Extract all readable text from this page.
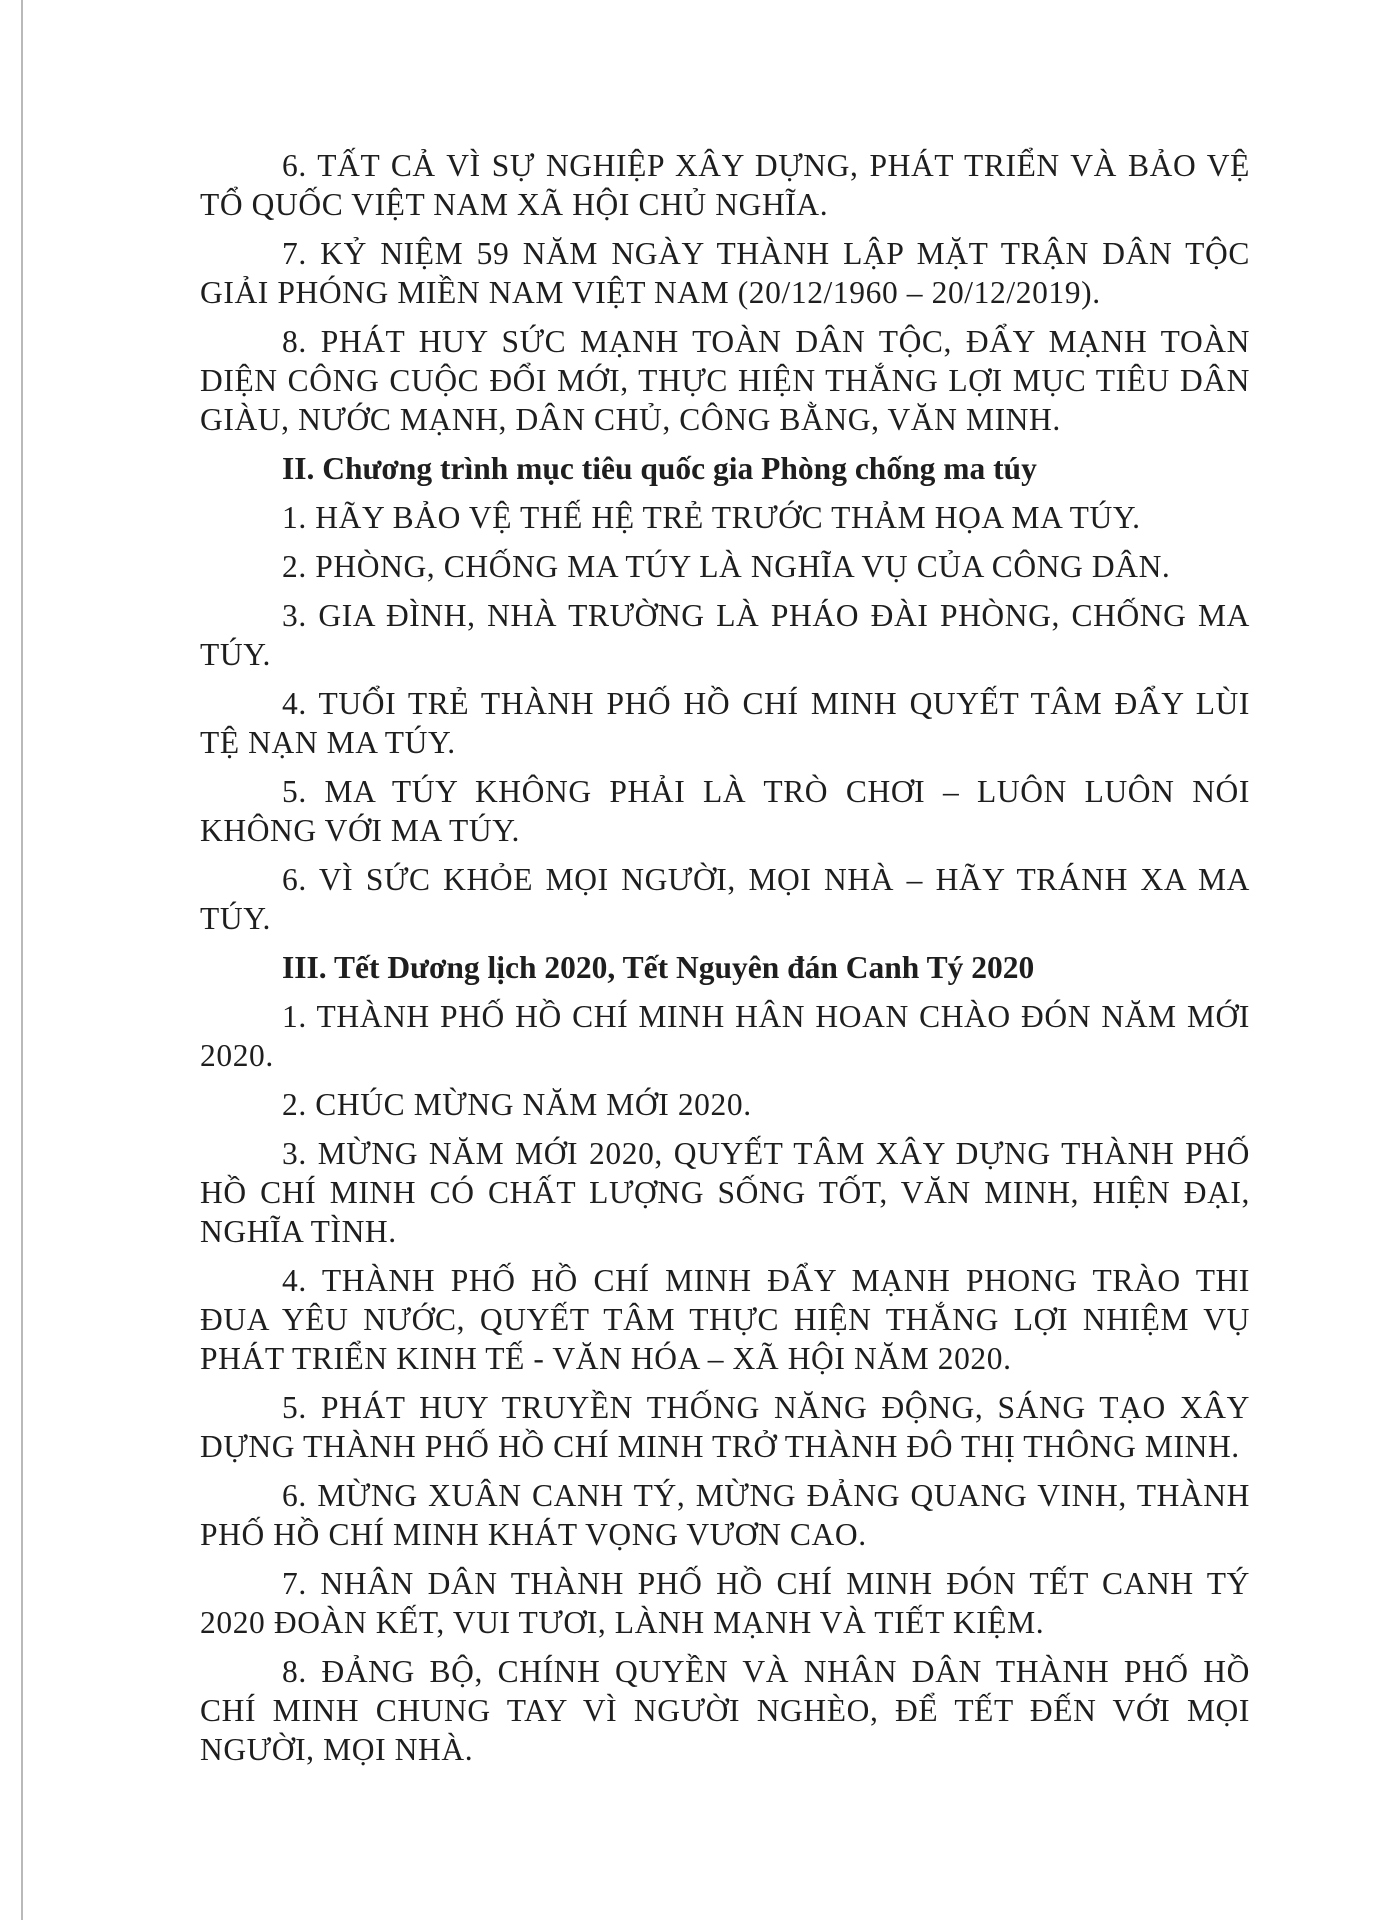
6. TẤT CẢ VÌ SỰ NGHIỆP XÂY DỰNG, PHÁT TRIỂN VÀ BẢO VỆ TỔ QUỐC VIỆT NAM XÃ HỘI CHỦ NGHĨA.

7. KỶ NIỆM 59 NĂM NGÀY THÀNH LẬP MẶT TRẬN DÂN TỘC GIẢI PHÓNG MIỀN NAM VIỆT NAM (20/12/1960 – 20/12/2019).

8. PHÁT HUY SỨC MẠNH TOÀN DÂN TỘC, ĐẨY MẠNH TOÀN DIỆN CÔNG CUỘC ĐỔI MỚI, THỰC HIỆN THẮNG LỢI MỤC TIÊU DÂN GIÀU, NƯỚC MẠNH, DÂN CHỦ, CÔNG BẰNG, VĂN MINH.

II. Chương trình mục tiêu quốc gia Phòng chống ma túy

1. HÃY BẢO VỆ THẾ HỆ TRẺ TRƯỚC THẢM HỌA MA TÚY.

2. PHÒNG, CHỐNG MA TÚY LÀ NGHĨA VỤ CỦA CÔNG DÂN.

3. GIA ĐÌNH, NHÀ TRƯỜNG LÀ PHÁO ĐÀI PHÒNG, CHỐNG MA TÚY.

4. TUỔI TRẺ THÀNH PHỐ HỒ CHÍ MINH QUYẾT TÂM ĐẨY LÙI TỆ NẠN MA TÚY.

5. MA TÚY KHÔNG PHẢI LÀ TRÒ CHƠI – LUÔN LUÔN NÓI KHÔNG VỚI MA TÚY.

6. VÌ SỨC KHỎE MỌI NGƯỜI, MỌI NHÀ – HÃY TRÁNH XA MA TÚY.

III. Tết Dương lịch 2020, Tết Nguyên đán Canh Tý 2020

1. THÀNH PHỐ HỒ CHÍ MINH HÂN HOAN CHÀO ĐÓN NĂM MỚI 2020.

2. CHÚC MỪNG NĂM MỚI 2020.

3. MỪNG NĂM MỚI 2020, QUYẾT TÂM XÂY DỰNG THÀNH PHỐ HỒ CHÍ MINH CÓ CHẤT LƯỢNG SỐNG TỐT, VĂN MINH, HIỆN ĐẠI, NGHĨA TÌNH.

4. THÀNH PHỐ HỒ CHÍ MINH ĐẨY MẠNH PHONG TRÀO THI ĐUA YÊU NƯỚC, QUYẾT TÂM THỰC HIỆN THẮNG LỢI NHIỆM VỤ PHÁT TRIỂN KINH TẾ - VĂN HÓA – XÃ HỘI NĂM 2020.

5. PHÁT HUY TRUYỀN THỐNG NĂNG ĐỘNG, SÁNG TẠO XÂY DỰNG THÀNH PHỐ HỒ CHÍ MINH TRỞ THÀNH ĐÔ THỊ THÔNG MINH.

6. MỪNG XUÂN CANH TÝ, MỪNG ĐẢNG QUANG VINH, THÀNH PHỐ HỒ CHÍ MINH KHÁT VỌNG VƯƠN CAO.

7. NHÂN DÂN THÀNH PHỐ HỒ CHÍ MINH ĐÓN TẾT CANH TÝ 2020 ĐOÀN KẾT, VUI TƯƠI, LÀNH MẠNH VÀ TIẾT KIỆM.

8. ĐẢNG BỘ, CHÍNH QUYỀN VÀ NHÂN DÂN THÀNH PHỐ HỒ CHÍ MINH CHUNG TAY VÌ NGƯỜI NGHÈO, ĐỂ TẾT ĐẾN VỚI MỌI NGƯỜI, MỌI NHÀ.
